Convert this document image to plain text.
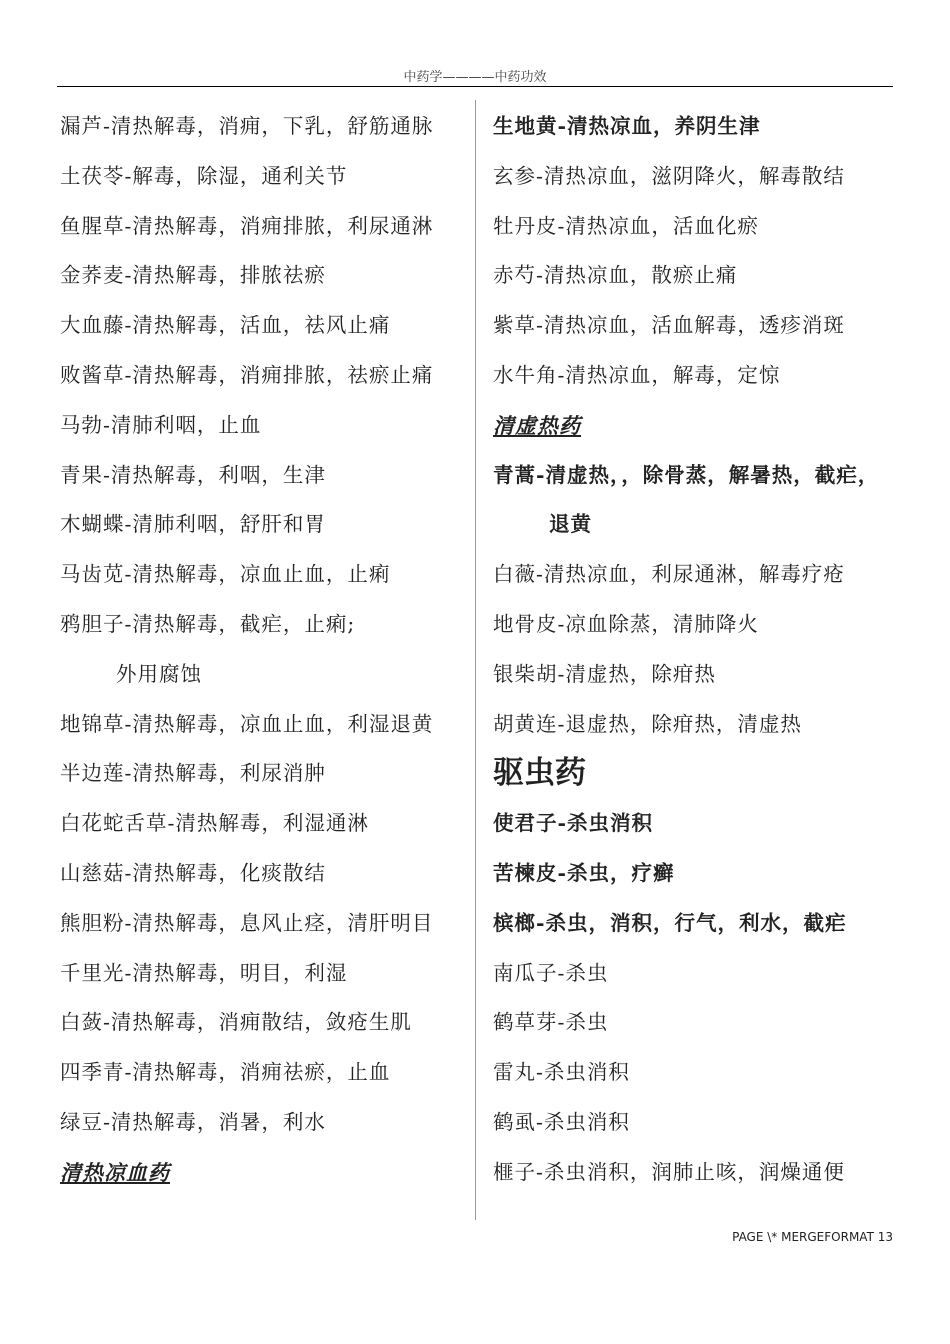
中药学————中药功效
漏芦-清热解毒，消痈，下乳，舒筋通脉
土茯苓-解毒，除湿，通利关节
鱼腥草-清热解毒，消痈排脓，利尿通淋
金荞麦-清热解毒，排脓祛瘀
大血藤-清热解毒，活血，祛风止痛
败酱草-清热解毒，消痈排脓，祛瘀止痛
马勃-清肺利咽，止血
青果-清热解毒，利咽，生津
木蝴蝶-清肺利咽，舒肝和胃
马齿苋-清热解毒，凉血止血，止痢
鸦胆子-清热解毒，截疟，止痢;
外用腐蚀
地锦草-清热解毒，凉血止血，利湿退黄
半边莲-清热解毒，利尿消肿
白花蛇舌草-清热解毒，利湿通淋
山慈菇-清热解毒，化痰散结
熊胆粉-清热解毒，息风止痉，清肝明目
千里光-清热解毒，明目，利湿
白蔹-清热解毒，消痈散结，敛疮生肌
四季青-清热解毒，消痈祛瘀，止血
绿豆-清热解毒，消暑，利水
清热凉血药
生地黄-清热凉血，养阴生津
玄参-清热凉血，滋阴降火，解毒散结
牡丹皮-清热凉血，活血化瘀
赤芍-清热凉血，散瘀止痛
紫草-清热凉血，活血解毒，透疹消斑
水牛角-清热凉血，解毒，定惊
清虚热药
青蒿-清虚热，，除骨蒸，解暑热，截疟，
退黄
白薇-清热凉血，利尿通淋，解毒疗疮
地骨皮-凉血除蒸，清肺降火
银柴胡-清虚热，除疳热
胡黄连-退虚热，除疳热，清虚热
驱虫药
使君子-杀虫消积
苦楝皮-杀虫，疗癣
槟榔-杀虫，消积，行气，利水，截疟
南瓜子-杀虫
鹤草芽-杀虫
雷丸-杀虫消积
鹤虱-杀虫消积
榧子-杀虫消积，润肺止咳，润燥通便
PAGE \* MERGEFORMAT 13
